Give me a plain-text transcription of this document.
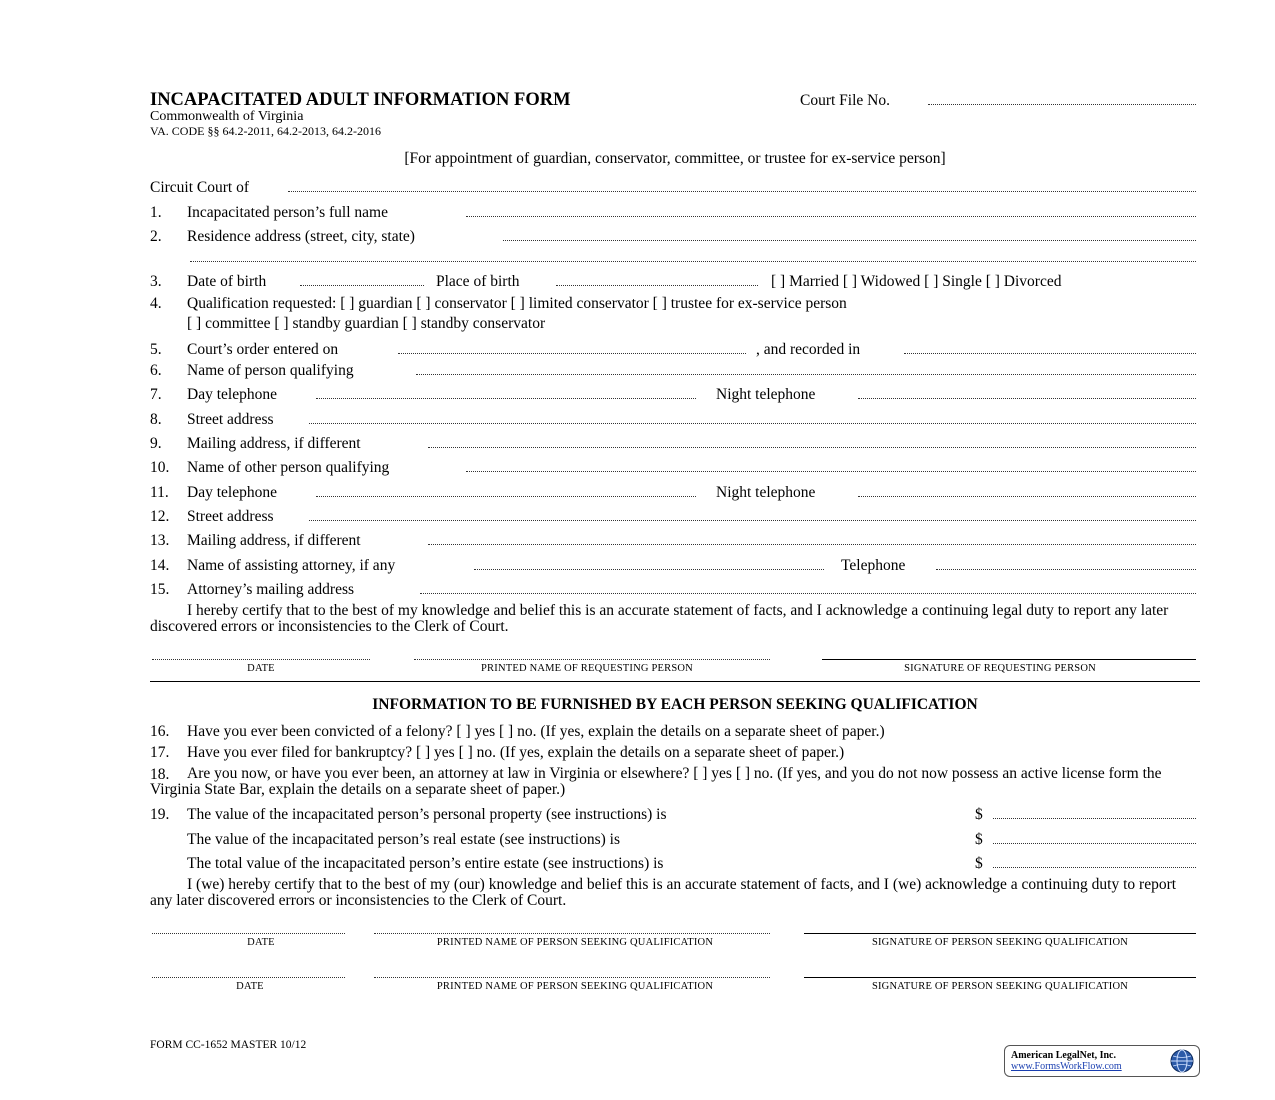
INCAPACITATED ADULT INFORMATION FORM	Court File No.
Commonwealth of Virginia
VA. CODE §§ 64.2-2011, 64.2-2013, 64.2-2016
[For appointment of guardian, conservator, committee, or trustee for ex-service person]
Circuit Court of
1. Incapacitated person’s full name
2. Residence address (street, city, state)
3. Date of birth	Place of birth	[ ] Married [ ] Widowed [ ] Single [ ] Divorced
4. Qualification requested: [ ] guardian [ ] conservator [ ] limited conservator [ ] trustee for ex-service person
[ ] committee [ ] standby guardian [ ] standby conservator
5. Court’s order entered on	, and recorded in
6. Name of person qualifying
7. Day telephone	Night telephone
8. Street address
9. Mailing address, if different
10. Name of other person qualifying
11. Day telephone	Night telephone
12. Street address
13. Mailing address, if different
14. Name of assisting attorney, if any	Telephone
15. Attorney’s mailing address
I hereby certify that to the best of my knowledge and belief this is an accurate statement of facts, and I acknowledge a continuing legal duty to report any later discovered errors or inconsistencies to the Clerk of Court.
DATE	PRINTED NAME OF REQUESTING PERSON	SIGNATURE OF REQUESTING PERSON
INFORMATION TO BE FURNISHED BY EACH PERSON SEEKING QUALIFICATION
16. Have you ever been convicted of a felony? [ ] yes [ ] no. (If yes, explain the details on a separate sheet of paper.)
17. Have you ever filed for bankruptcy? [ ] yes [ ] no. (If yes, explain the details on a separate sheet of paper.)
18.	Are you now, or have you ever been, an attorney at law in Virginia or elsewhere? [ ] yes [ ] no. (If yes, and you do not now possess an active license form the Virginia State Bar, explain the details on a separate sheet of paper.)
19. The value of the incapacitated person’s personal property (see instructions) is	$
The value of the incapacitated person’s real estate (see instructions) is	$
The total value of the incapacitated person’s entire estate (see instructions) is	$
I (we) hereby certify that to the best of my (our) knowledge and belief this is an accurate statement of facts, and I (we) acknowledge a continuing duty to report any later discovered errors or inconsistencies to the Clerk of Court.
DATE	PRINTED NAME OF PERSON SEEKING QUALIFICATION	SIGNATURE OF PERSON SEEKING QUALIFICATION
DATE	PRINTED NAME OF PERSON SEEKING QUALIFICATION	SIGNATURE OF PERSON SEEKING QUALIFICATION
FORM CC-1652 MASTER 10/12
American LegalNet, Inc.
www.FormsWorkFlow.com
